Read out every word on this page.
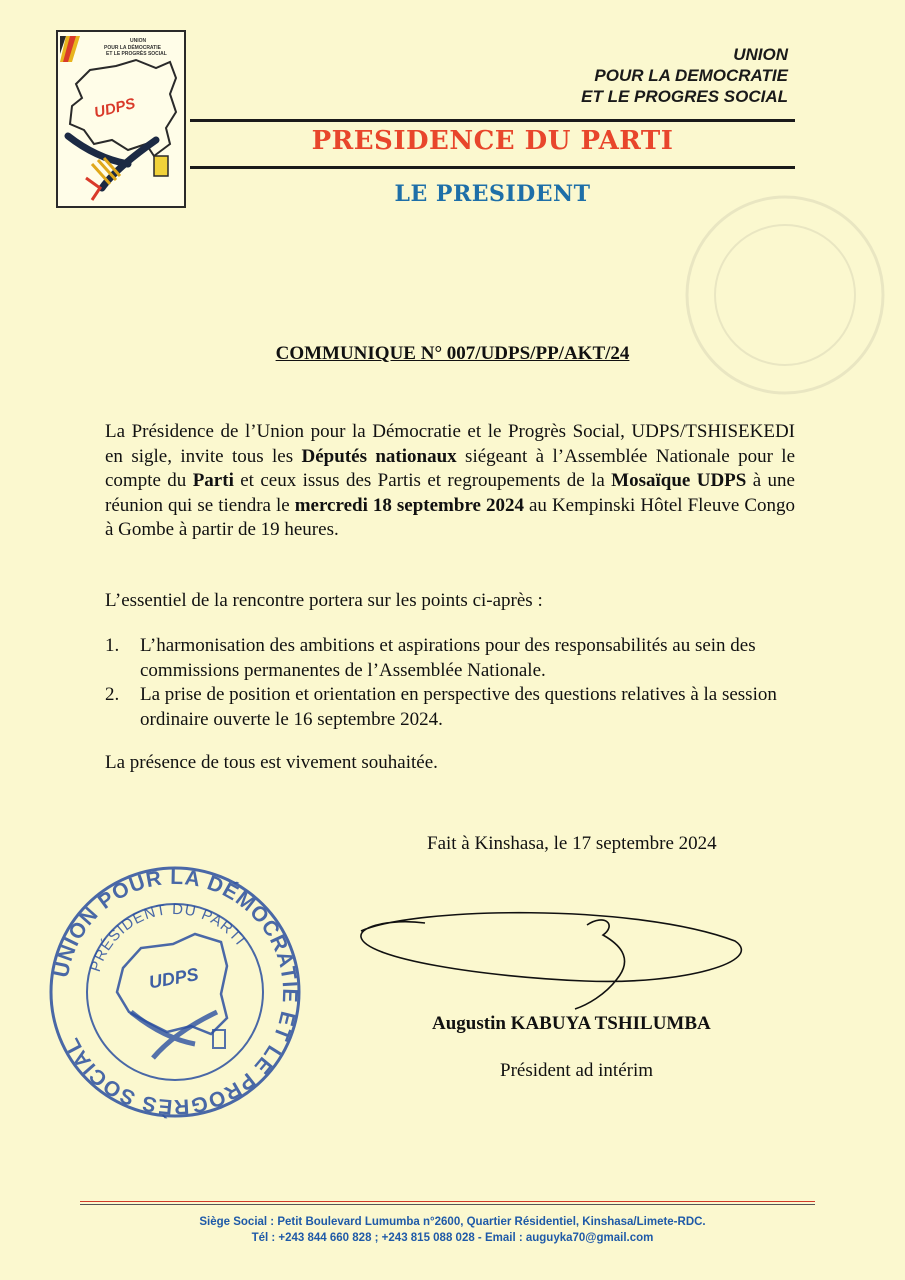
UNION
POUR LA DÉMOCRATIE
ET LE PROGRÈS SOCIAL
UDPS
UNION
POUR LA DEMOCRATIE
ET LE PROGRES SOCIAL
PRESIDENCE DU PARTI
LE PRESIDENT
COMMUNIQUE N° 007/UDPS/PP/AKT/24
La Présidence de l’Union pour la Démocratie et le Progrès Social, UDPS/TSHISEKEDI en sigle, invite tous les Députés nationaux siégeant à l’Assemblée Nationale pour le compte du Parti et ceux issus des Partis et regroupements de la Mosaïque UDPS à une réunion qui se tiendra le mercredi 18 septembre 2024 au Kempinski Hôtel Fleuve Congo à Gombe à partir de 19 heures.
L’essentiel de la rencontre portera sur les points ci-après :
1. L’harmonisation des ambitions et aspirations pour des responsabilités au sein des commissions permanentes de l’Assemblée Nationale.
2. La prise de position et orientation en perspective des questions relatives à la session ordinaire ouverte le 16 septembre 2024.
La présence de tous est vivement souhaitée.
Fait à Kinshasa, le 17 septembre 2024
UNION POUR LA DÉMOCRATIE ET LE PROGRÈS SOCIAL
PRÉSIDENT DU PARTI
UDPS
Augustin KABUYA TSHILUMBA
Président ad intérim
Siège Social : Petit Boulevard Lumumba n°2600, Quartier Résidentiel, Kinshasa/Limete-RDC.
Tél : +243 844 660 828 ; +243 815 088 028 - Email : auguyka70@gmail.com
